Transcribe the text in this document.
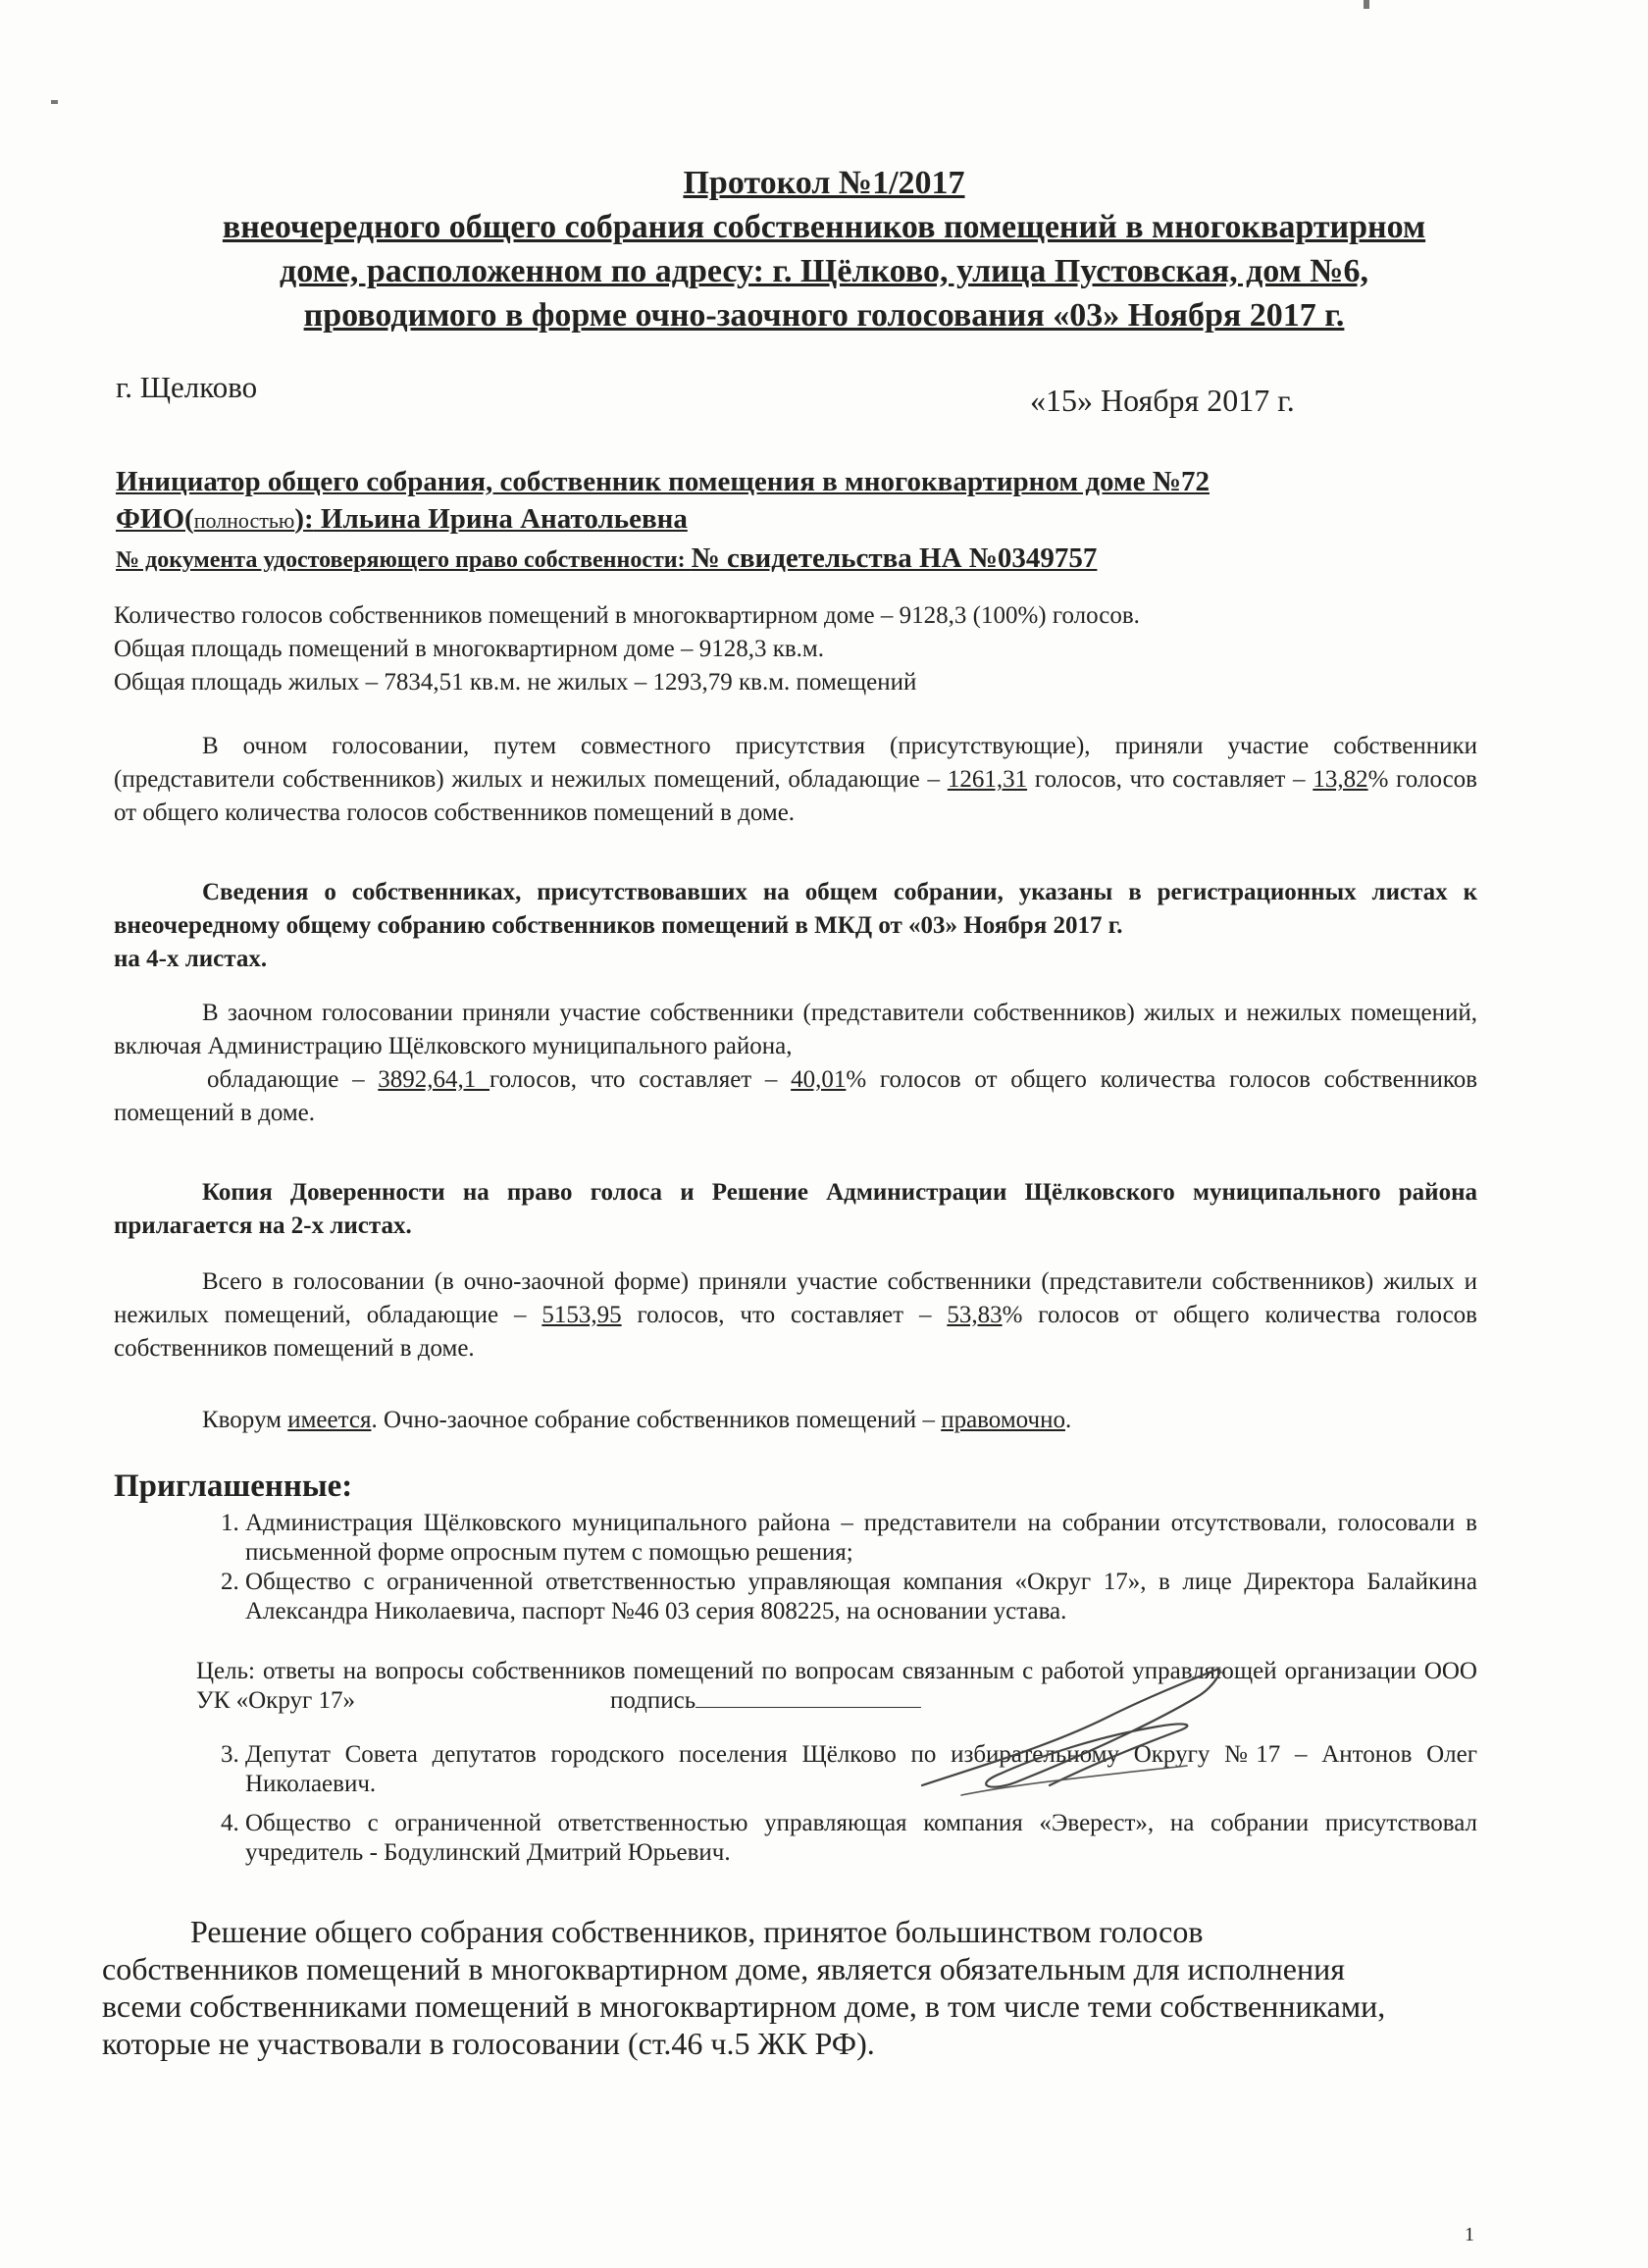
Протокол №1/2017
внеочередного общего собрания собственников помещений в многоквартирном
доме, расположенном по адресу: г. Щёлково, улица Пустовская, дом №6,
проводимого в форме очно-заочного голосования «03» Ноября 2017 г.
г. Щелково	«15» Ноября 2017 г.
Инициатор общего собрания, собственник помещения в многоквартирном доме №72
ФИО(полностью): Ильина Ирина Анатольевна
№ документа удостоверяющего право собственности: № свидетельства НА №0349757
Количество голосов собственников помещений в многоквартирном доме – 9128,3 (100%) голосов.
Общая площадь помещений в многоквартирном доме – 9128,3 кв.м.
Общая площадь жилых – 7834,51 кв.м. не жилых – 1293,79 кв.м. помещений
В очном голосовании, путем совместного присутствия (присутствующие), приняли участие собственники (представители собственников) жилых и нежилых помещений, обладающие – 1261,31 голосов, что составляет – 13,82% голосов от общего количества голосов собственников помещений в доме.
Сведения о собственниках, присутствовавших на общем собрании, указаны в регистрационных листах к внеочередному общему собранию собственников помещений в МКД от «03» Ноября 2017 г.
на 4-х листах.
В заочном голосовании приняли участие собственники (представители собственников) жилых и нежилых помещений, включая Администрацию Щёлковского муниципального района,
обладающие – 3892,64,1 голосов, что составляет – 40,01% голосов от общего количества голосов собственников помещений в доме.
Копия Доверенности на право голоса и Решение Администрации Щёлковского муниципального района прилагается на 2-х листах.
Всего в голосовании (в очно-заочной форме) приняли участие собственники (представители собственников) жилых и нежилых помещений, обладающие – 5153,95 голосов, что составляет – 53,83% голосов от общего количества голосов собственников помещений в доме.
Кворум имеется. Очно-заочное собрание собственников помещений – правомочно.
Приглашенные:
1. Администрация Щёлковского муниципального района – представители на собрании отсутствовали, голосовали в письменной форме опросным путем с помощью решения;
2. Общество с ограниченной ответственностью управляющая компания «Округ 17», в лице Директора Балайкина Александра Николаевича, паспорт №46 03 серия 808225, на основании устава.
Цель: ответы на вопросы собственников помещений по вопросам связанным с работой управляющей организации ООО УК «Округ 17»	подпись
3. Депутат Совета депутатов городского поселения Щёлково по избирательному Округу №17 – Антонов Олег Николаевич.
4. Общество с ограниченной ответственностью управляющая компания «Эверест», на собрании присутствовал учредитель - Бодулинский Дмитрий Юрьевич.
Решение общего собрания собственников, принятое большинством голосов собственников помещений в многоквартирном доме, является обязательным для исполнения всеми собственниками помещений в многоквартирном доме, в том числе теми собственниками, которые не участвовали в голосовании (ст.46 ч.5 ЖК РФ).
1
